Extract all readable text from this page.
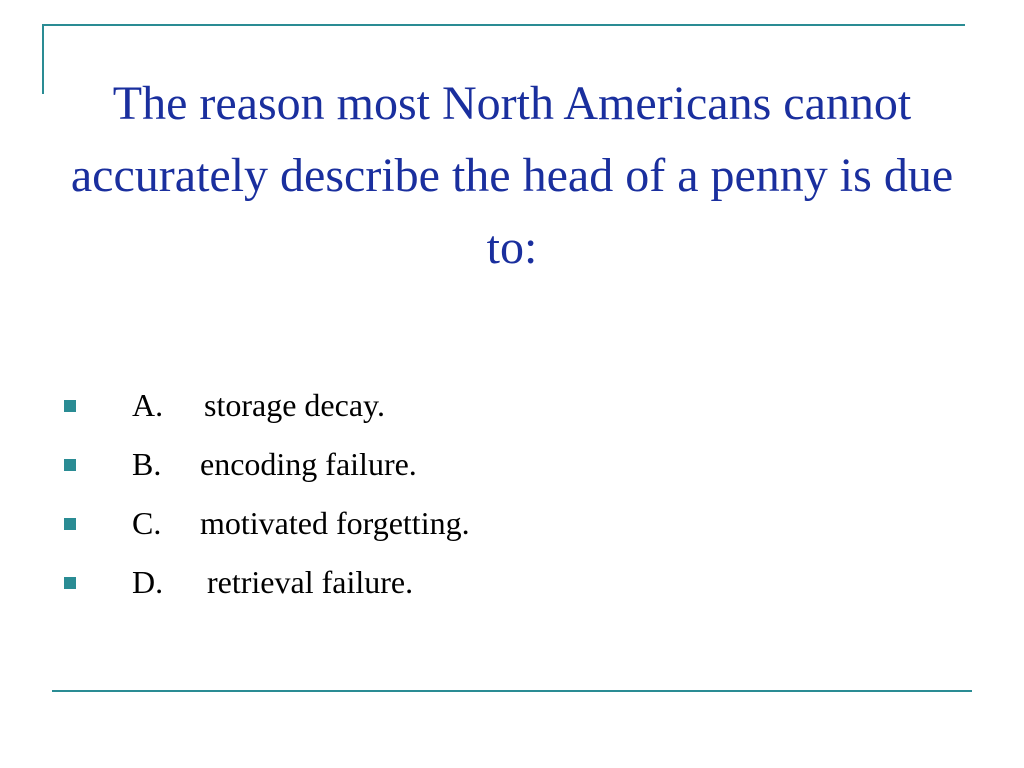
The reason most North Americans cannot accurately describe the head of a penny is due to:
A.	storage decay.
B.	encoding failure.
C.	motivated forgetting.
D.	retrieval failure.
